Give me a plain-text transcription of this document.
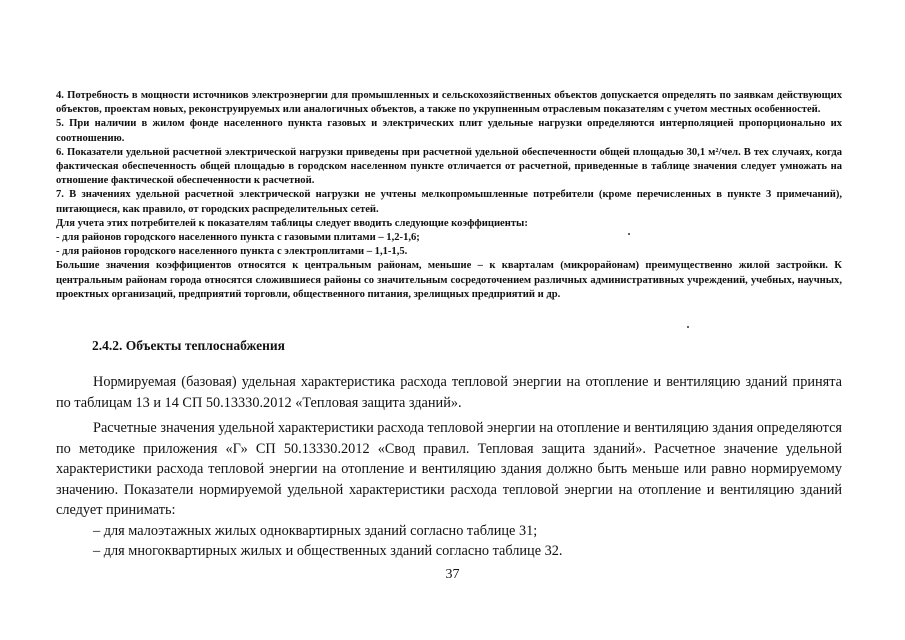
4. Потребность в мощности источников электроэнергии для промышленных и сельскохозяйственных объектов допускается определять по заявкам действующих объектов, проектам новых, реконструируемых или аналогичных объектов, а также по укрупненным отраслевым показателям с учетом местных особенностей.

5. При наличии в жилом фонде населенного пункта газовых и электрических плит удельные нагрузки определяются интерполяцией пропорционально их соотношению.

6. Показатели удельной расчетной электрической нагрузки приведены при расчетной удельной обеспеченности общей площадью 30,1 м²/чел. В тех случаях, когда фактическая обеспеченность общей площадью в городском населенном пункте отличается от расчетной, приведенные в таблице значения следует умножать на отношение фактической обеспеченности к расчетной.

7. В значениях удельной расчетной электрической нагрузки не учтены мелкопромышленные потребители (кроме перечисленных в пункте 3 примечаний), питающиеся, как правило, от городских распределительных сетей.

Для учета этих потребителей к показателям таблицы следует вводить следующие коэффициенты:

- для районов городского населенного пункта с газовыми плитами – 1,2-1,6;

- для районов городского населенного пункта с электроплитами – 1,1-1,5.

Большие значения коэффициентов относятся к центральным районам, меньшие – к кварталам (микрорайонам) преимущественно жилой застройки. К центральным районам города относятся сложившиеся районы со значительным сосредоточением различных административных учреждений, учебных, научных, проектных организаций, предприятий торговли, общественного питания, зрелищных предприятий и др.

2.4.2. Объекты теплоснабжения

Нормируемая (базовая) удельная характеристика расхода тепловой энергии на отопление и вентиляцию зданий принята по таблицам 13 и 14 СП 50.13330.2012 «Тепловая защита зданий».

Расчетные значения удельной характеристики расхода тепловой энергии на отопление и вентиляцию здания определяются по методике приложения «Г» СП 50.13330.2012 «Свод правил. Тепловая защита зданий». Расчетное значение удельной характеристики расхода тепловой энергии на отопление и вентиляцию здания должно быть меньше или равно нормируемому значению. Показатели нормируемой удельной характеристики расхода тепловой энергии на отопление и вентиляцию зданий следует принимать:

– для малоэтажных жилых одноквартирных зданий согласно таблице 31;

– для многоквартирных жилых и общественных зданий согласно таблице 32.

37
